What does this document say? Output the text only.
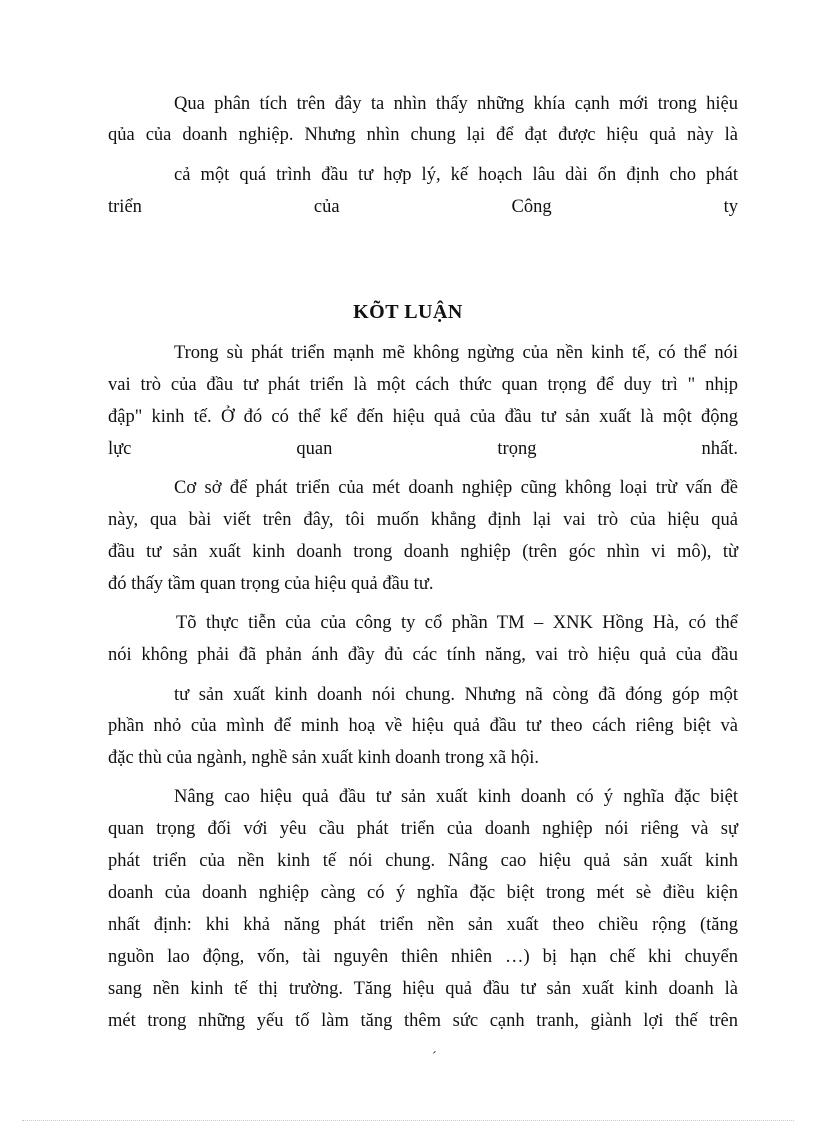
Qua phân tích trên đây ta nhìn thấy những khía cạnh mới trong hiệu
qủa của doanh nghiệp. Nhưng nhìn chung lại để đạt được hiệu quả này là
cả một quá trình đầu tư hợp lý, kế hoạch lâu dài ổn định cho phát
triển của Công ty
KÕT LUẬN
Trong sù phát triển mạnh mẽ không ngừng của nền kinh tế, có thể nói
vai trò của đầu tư phát triển là một cách thức quan trọng để duy trì " nhịp
đập" kinh tế. Ở đó có thể kể đến hiệu quả của đầu tư sản xuất là một động
lực quan trọng nhất.
Cơ sở để phát triển của mét doanh nghiệp cũng không loại trừ vấn đề
này, qua bài viết trên đây, tôi muốn khẳng định lại vai trò của hiệu quả
đầu tư sản xuất kinh doanh trong doanh nghiệp (trên góc nhìn vi mô), từ
đó thấy tầm quan trọng của hiệu quả đầu tư.
Tõ thực tiễn của của công ty cổ phần TM – XNK Hồng Hà, có thể
nói không phải đã phản ánh đầy đủ các tính năng, vai trò hiệu quả của đầu
tư sản xuất kinh doanh nói chung. Nhưng nã còng đã đóng góp một
phần nhỏ của mình để minh hoạ về hiệu quả đầu tư theo cách riêng biệt và
đặc thù của ngành, nghề sản xuất kinh doanh trong xã hội.
Nâng cao hiệu quả đầu tư sản xuất kinh doanh có ý nghĩa đặc biệt
quan trọng đối với yêu cầu phát triển của doanh nghiệp nói riêng và sự
phát triển của nền kinh tế nói chung. Nâng cao hiệu quả sản xuất kinh
doanh của doanh nghiệp càng có ý nghĩa đặc biệt trong mét sè điều kiện
nhất định: khi khả năng phát triển nền sản xuất theo chiều rộng (tăng
nguồn lao động, vốn, tài nguyên thiên nhiên …) bị hạn chế khi chuyển
sang nền kinh tế thị trường. Tăng hiệu quả đầu tư sản xuất kinh doanh là
mét trong những yếu tố làm tăng thêm sức cạnh tranh, giành lợi thế trên
´
